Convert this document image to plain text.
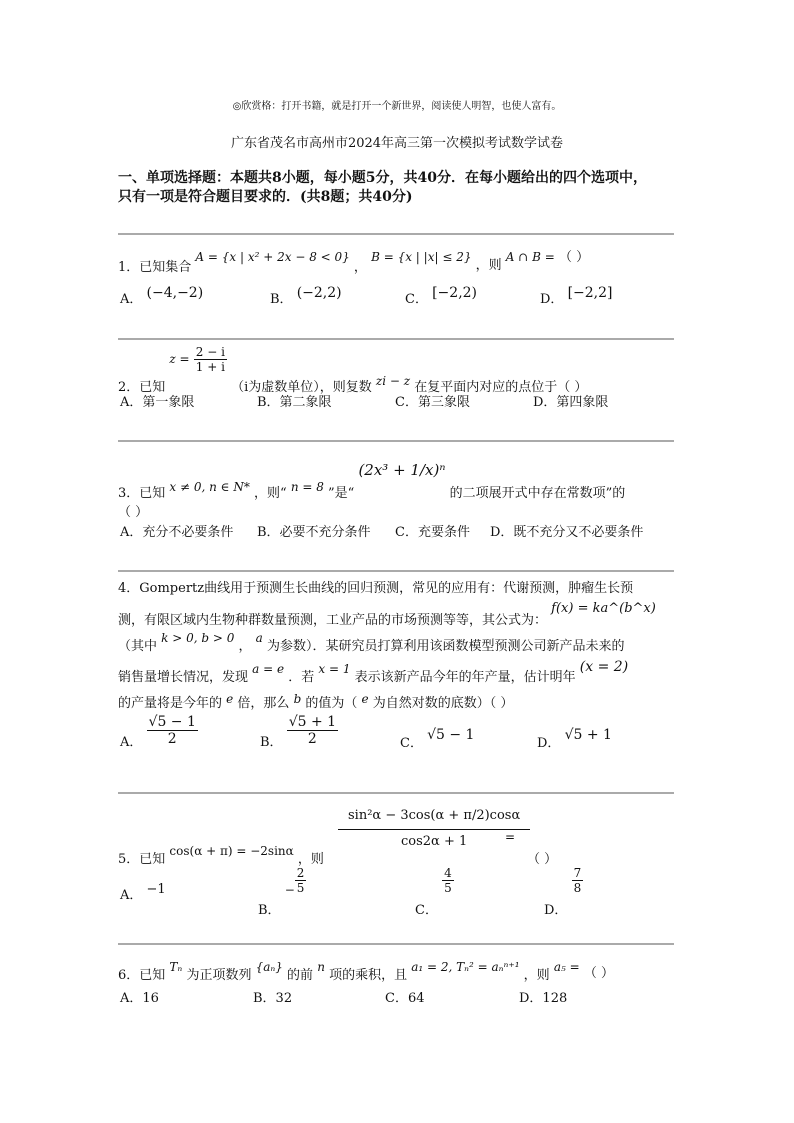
◎欣赏格：打开书籍，就是打开一个新世界，阅读使人明智，也使人富有。
广东省茂名市高州市2024年高三第一次模拟考试数学试卷
一、单项选择题：本题共8小题，每小题5分，共40分．在每小题给出的四个选项中，
只有一项是符合题目要求的．(共8题；共40分)
1．已知集合 A = {x | x² + 2x − 8 < 0} ， B = {x | |x| ≤ 2} ，则 A ∩ B = （ ）
A． (−4,−2)	B． (−2,2)	C． [−2,2)	D． [−2,2]
2．已知 $z = \frac{2 - i}{1 + i}$
（i为虚数单位），则复数 zi − z 在复平面内对应的点位于（ ）
A．第一象限	B．第二象限	C．第三象限	D．第四象限
3．已知 x ≠ 0, n ∈ N* ，则“ n = 8 ”是“ (2x³ + 1/x)ⁿ 的二项展开式中存在常数项”的
（ ）
A．充分不必要条件 B．必要不充分条件 C．充要条件 D．既不充分又不必要条件
4．Gompertz曲线用于预测生长曲线的回归预测，常见的应用有：代谢预测，肿瘤生长预
测，有限区域内生物种群数量预测，工业产品的市场预测等等，其公式为： f(x) = ka^(b^x)
（其中 k > 0, b > 0 ， a 为参数）．某研究员打算利用该函数模型预测公司新产品未来的
销售量增长情况，发现 a = e ．若 x = 1 表示该新产品今年的年产量，估计明年 (x = 2)
的产量将是今年的 e 倍，那么 b 的值为（ e 为自然对数的底数）（ ）
A． $\frac{√5 - 1}{2}$	B． $\frac{√5 + 1}{2}$	C． √5 − 1
D． √5 + 1
$\frac{\text{sin²α − 3cos(α + π/2)cosα}}{\cos 2\alpha + 1}$
=
5．已知 cos(α + π) = −2sinα ，则	（ ）
A． −1
B． − $\frac{2}{5}$
C．
$\frac{4}{5}$
D．
$\frac{7}{8}$
6．已知 Tₙ 为正项数列 {aₙ} 的前 n 项的乘积，且 a₁ = 2, Tₙ² = aₙⁿ⁺¹ ，则 a₅ = （ ）
A．16	B．32	C．64	D．128
